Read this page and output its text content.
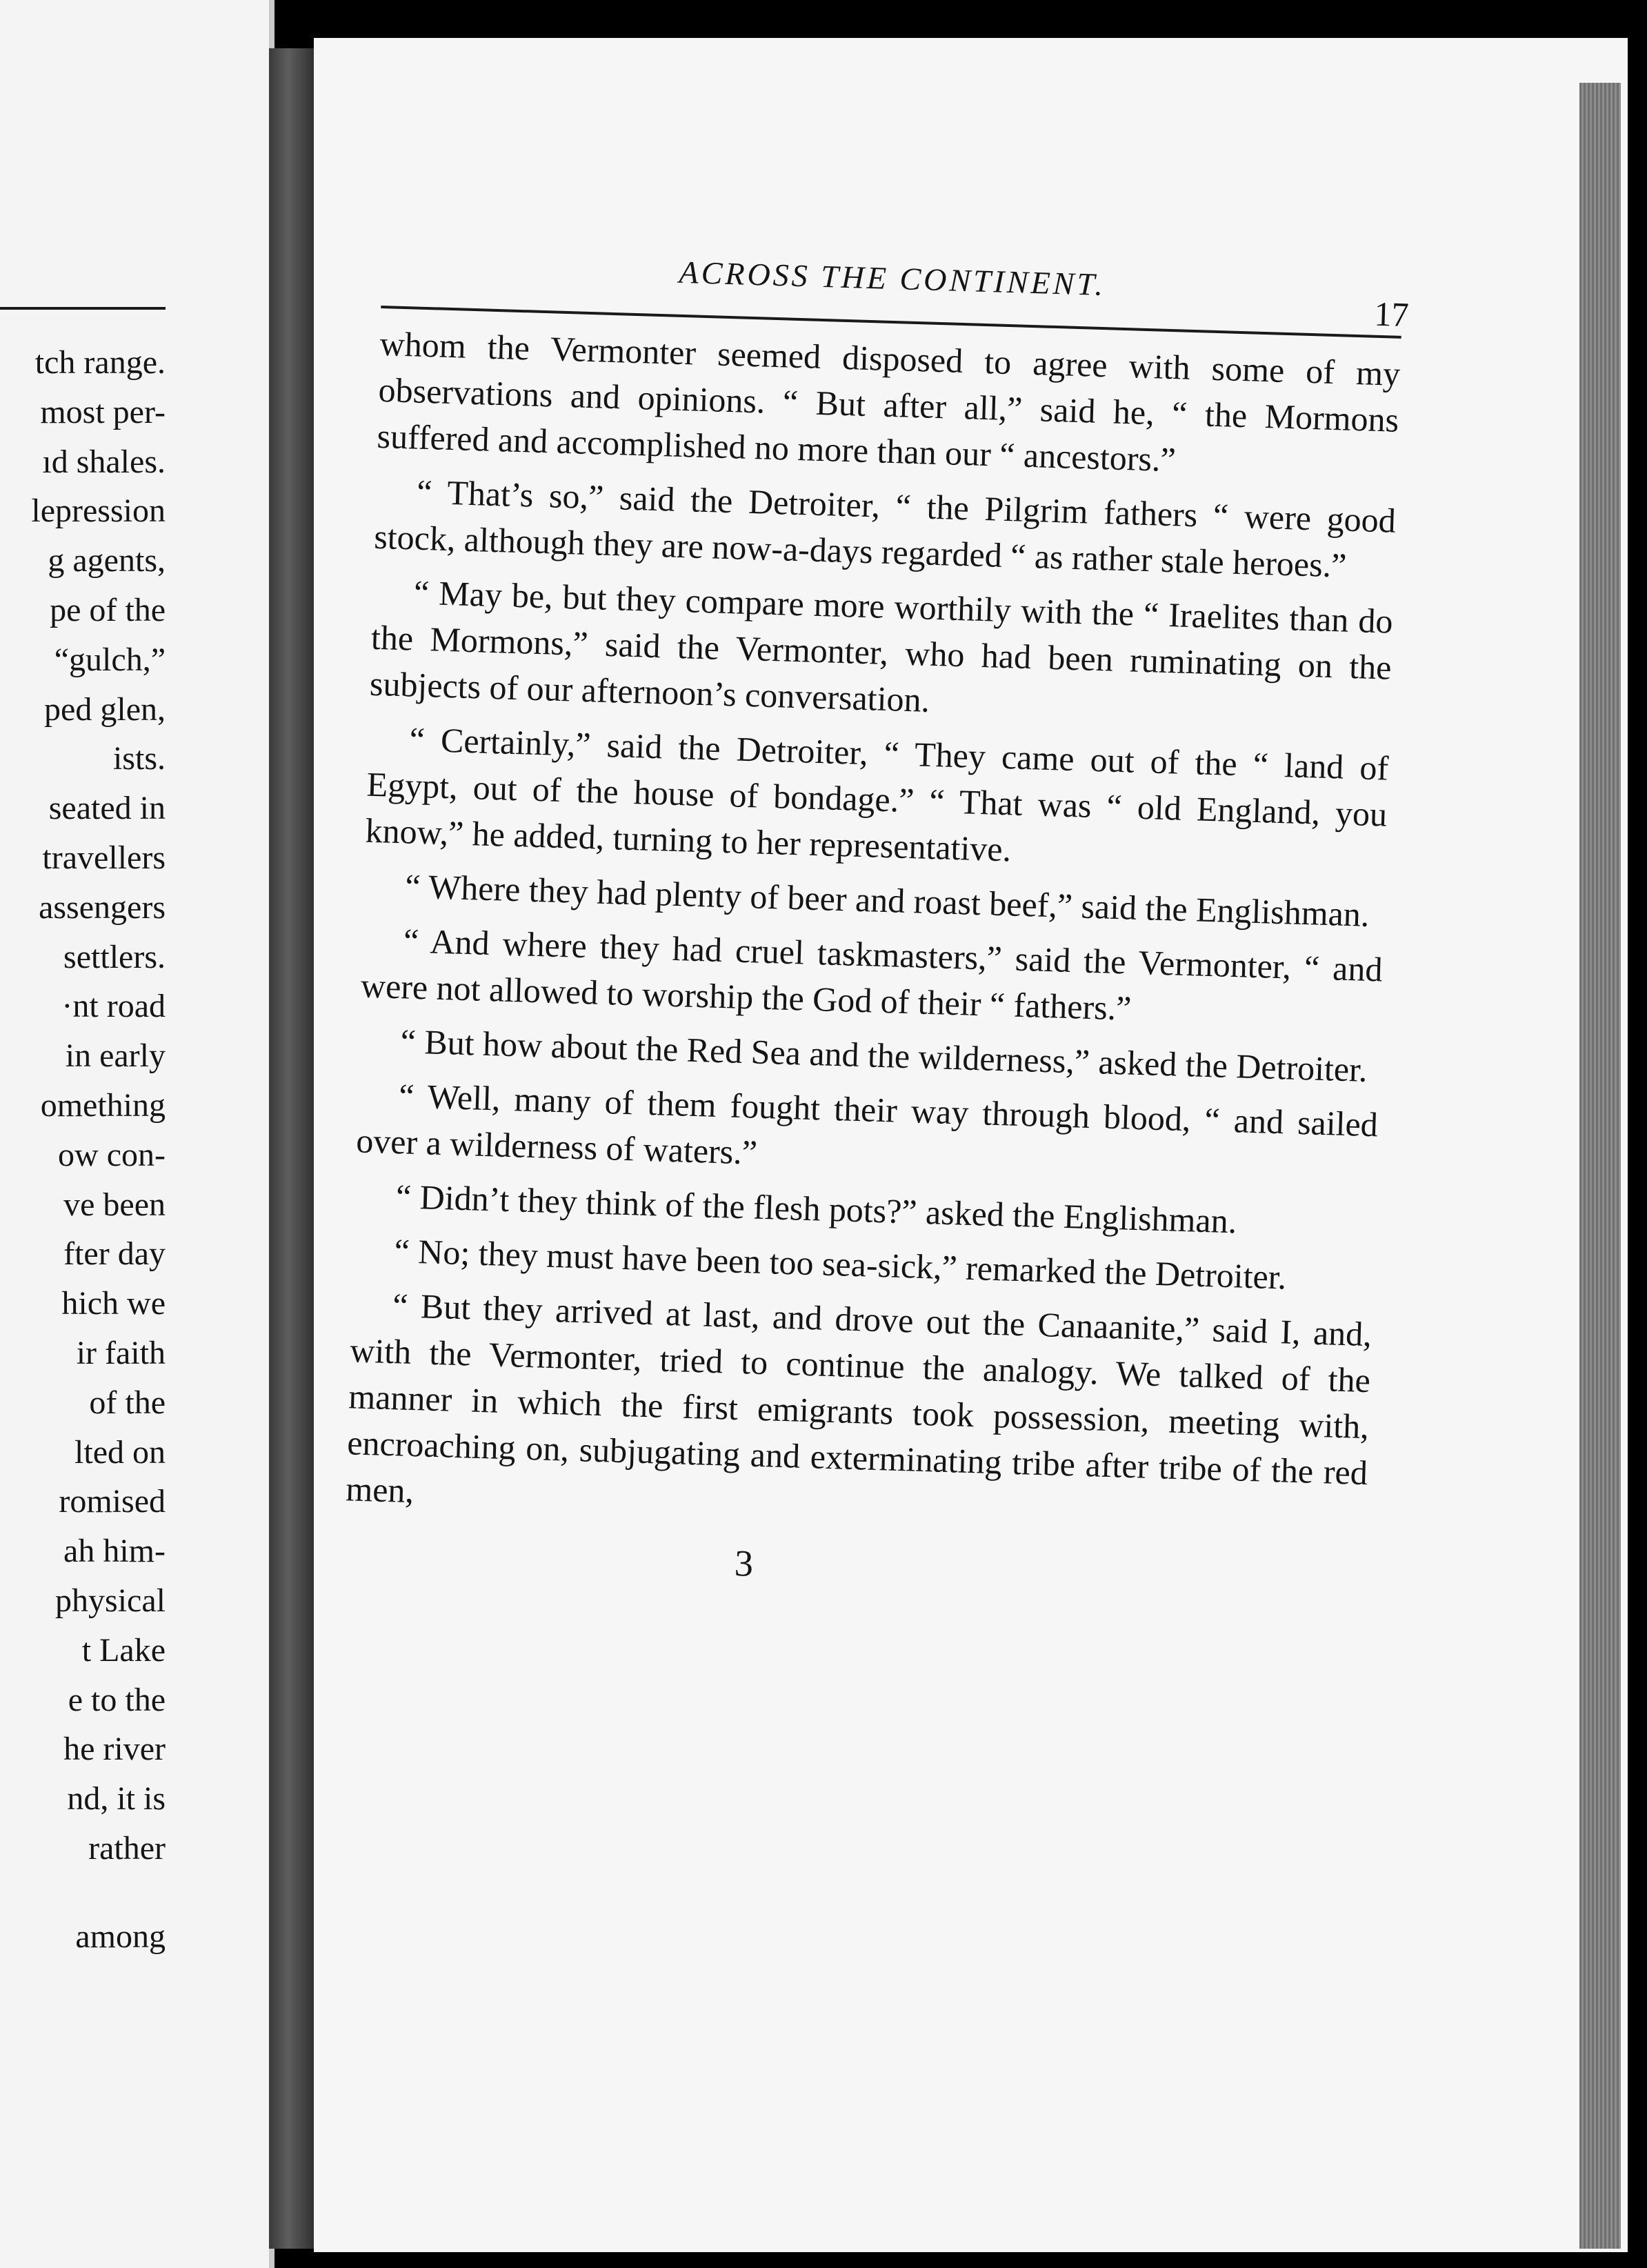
tch range.
most per-
ıd shales.
lepression
g agents,
pe of the
“gulch,”
ped glen,
ists.
seated in
travellers
assengers
settlers.
·nt road
in early
omething
ow con-
ve been
fter day
hich we
ir faith
of the
lted on
romised
ah him-
physical
t Lake
e to the
he river
nd, it is
rather
among
ACROSS THE CONTINENT.
17

whom the Vermonter seemed disposed to agree with some of my observations and opinions. “ But after all,” said he, “ the Mormons suffered and accomplished no more than our “ ancestors.”

“ That’s so,” said the Detroiter, “ the Pilgrim fathers “ were good stock, although they are now-a-days regarded “ as rather stale heroes.”

“ May be, but they compare more worthily with the “ Iraelites than do the Mormons,” said the Vermonter, who had been ruminating on the subjects of our afternoon’s conversation.

“ Certainly,” said the Detroiter, “ They came out of the “ land of Egypt, out of the house of bondage.” “ That was “ old England, you know,” he added, turning to her representative.

“ Where they had plenty of beer and roast beef,” said the Englishman.

“ And where they had cruel taskmasters,” said the Vermonter, “ and were not allowed to worship the God of their “ fathers.”

“ But how about the Red Sea and the wilderness,” asked the Detroiter.

“ Well, many of them fought their way through blood, “ and sailed over a wilderness of waters.”

“ Didn’t they think of the flesh pots?” asked the Englishman.

“ No; they must have been too sea-sick,” remarked the Detroiter.

“ But they arrived at last, and drove out the Canaanite,” said I, and, with the Vermonter, tried to continue the analogy. We talked of the manner in which the first emigrants took possession, meeting with, encroaching on, subjugating and exterminating tribe after tribe of the red men,

3
